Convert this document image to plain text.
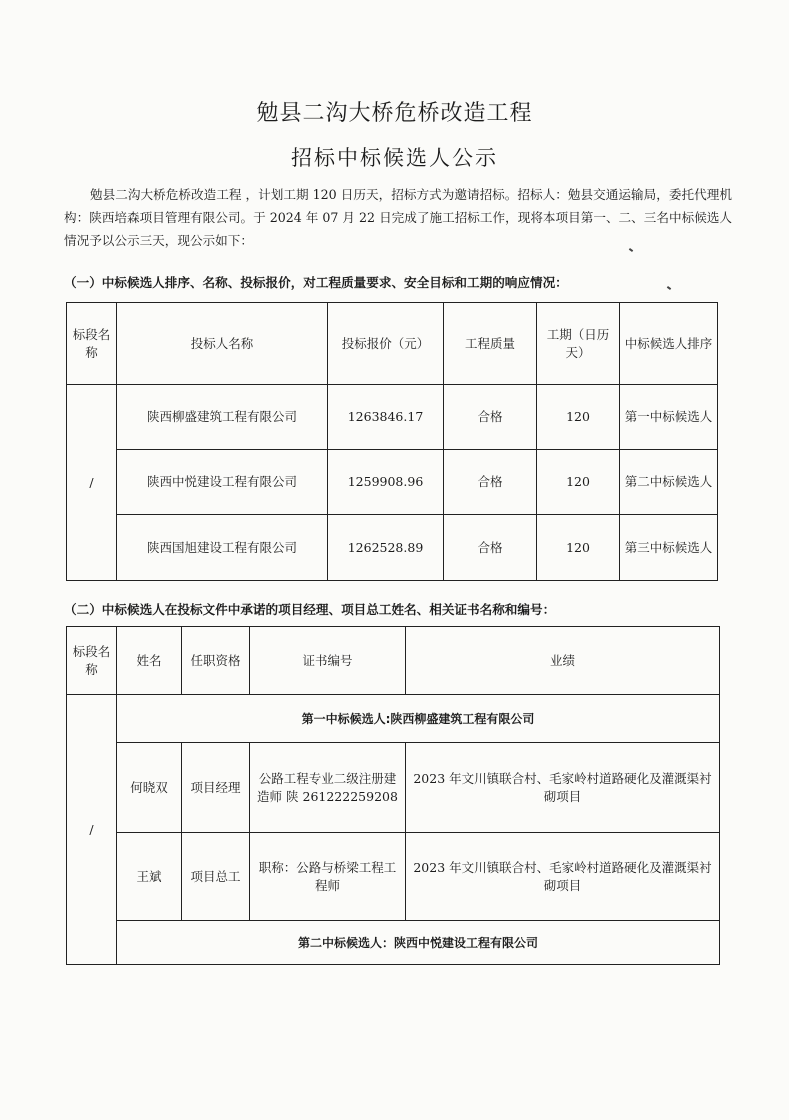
勉县二沟大桥危桥改造工程
招标中标候选人公示
勉县二沟大桥危桥改造工程 ，计划工期 120 日历天，招标方式为邀请招标。招标人：勉县交通运输局，委托代理机构：陕西培森项目管理有限公司。于 2024 年 07 月 22 日完成了施工招标工作，现将本项目第一、二、三名中标候选人情况予以公示三天，现公示如下：
（一）中标候选人排序、名称、投标报价，对工程质量要求、安全目标和工期的响应情况：
标段名称	投标人名称	投标报价（元）	工程质量	工期（日历天）	中标候选人排序
/	陕西柳盛建筑工程有限公司	1263846.17	合格	120	第一中标候选人
	陕西中悦建设工程有限公司	1259908.96	合格	120	第二中标候选人
	陕西国旭建设工程有限公司	1262528.89	合格	120	第三中标候选人
（二）中标候选人在投标文件中承诺的项目经理、项目总工姓名、相关证书名称和编号：
标段名称	姓名	任职资格	证书编号	业绩
/	第一中标候选人:陕西柳盛建筑工程有限公司			
	何晓双	项目经理	公路工程专业二级注册建造师 陕 261222259208	2023 年文川镇联合村、毛家岭村道路硬化及灌溉渠衬砌项目
	王斌	项目总工	职称：公路与桥梁工程工程师	2023 年文川镇联合村、毛家岭村道路硬化及灌溉渠衬砌项目
	第二中标候选人：陕西中悦建设工程有限公司			
